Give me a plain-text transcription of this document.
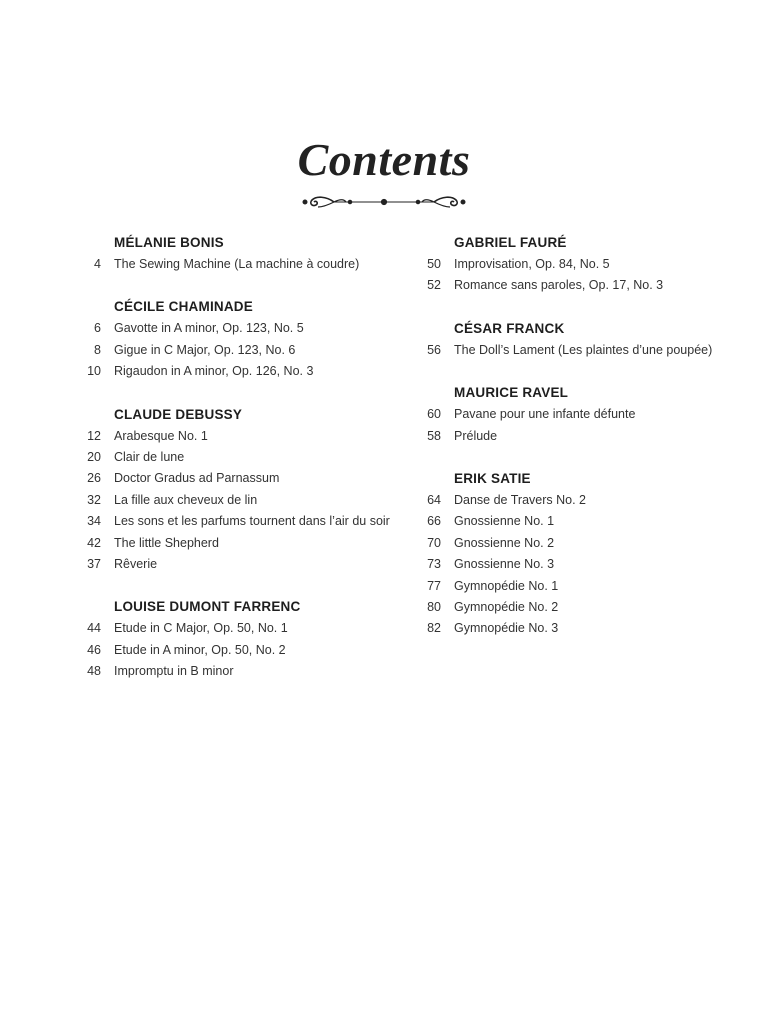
Contents
MÉLANIE BONIS
4	The Sewing Machine (La machine à coudre)
CÉCILE CHAMINADE
6	Gavotte in A minor, Op. 123, No. 5
8	Gigue in C Major, Op. 123, No. 6
10	Rigaudon in A minor, Op. 126, No. 3
CLAUDE DEBUSSY
12	Arabesque No. 1
20	Clair de lune
26	Doctor Gradus ad Parnassum
32	La fille aux cheveux de lin
34	Les sons et les parfums tournent dans l’air du soir
42	The little Shepherd
37	Rêverie
LOUISE DUMONT FARRENC
44	Etude in C Major, Op. 50, No. 1
46	Etude in A minor, Op. 50, No. 2
48	Impromptu in B minor
GABRIEL FAURÉ
50	Improvisation, Op. 84, No. 5
52	Romance sans paroles, Op. 17, No. 3
CÉSAR FRANCK
56	The Doll’s Lament (Les plaintes d’une poupée)
MAURICE RAVEL
60	Pavane pour une infante défunte
58	Prélude
ERIK SATIE
64	Danse de Travers No. 2
66	Gnossienne No. 1
70	Gnossienne No. 2
73	Gnossienne No. 3
77	Gymnopédie No. 1
80	Gymnopédie No. 2
82	Gymnopédie No. 3
